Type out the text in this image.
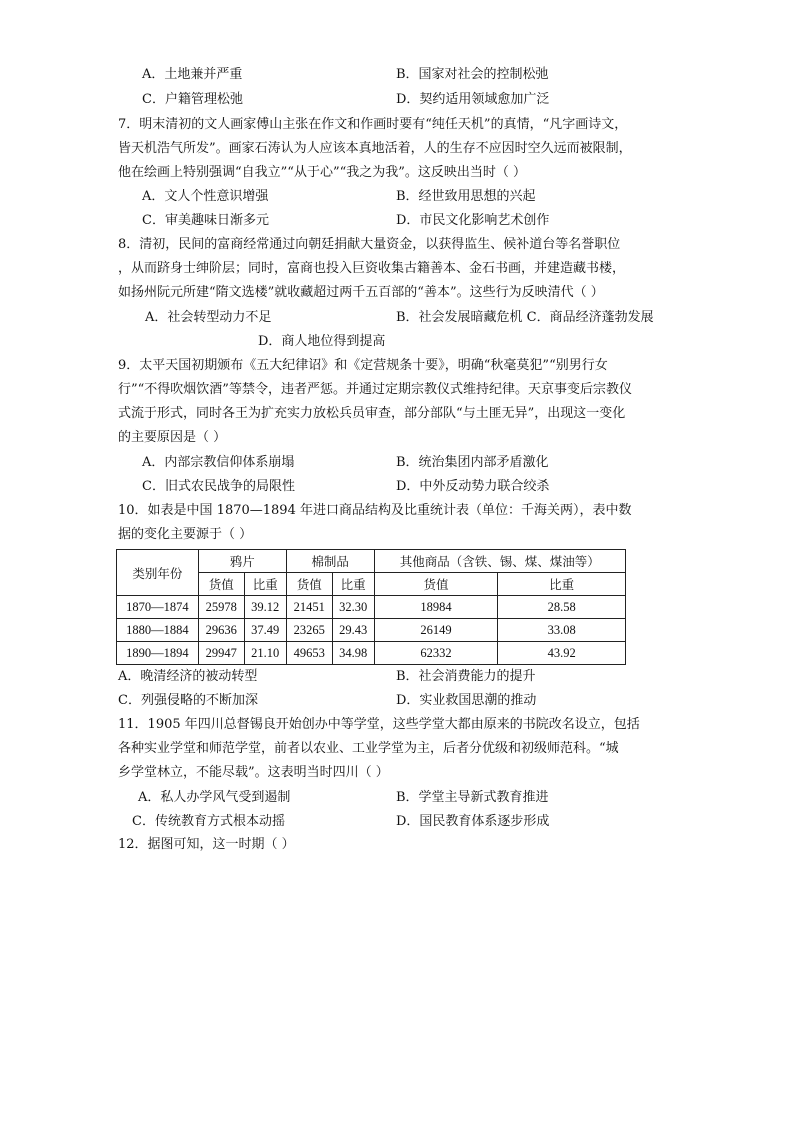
A．土地兼并严重	B．国家对社会的控制松弛
C．户籍管理松弛	D．契约适用领域愈加广泛
7．明末清初的文人画家傅山主张在作文和作画时要有“纯任天机”的真情，“凡字画诗文，
皆天机浩气所发”。画家石涛认为人应该本真地活着，人的生存不应因时空久远而被限制，
他在绘画上特别强调“自我立”“从于心”“我之为我”。这反映出当时（ ）
A．文人个性意识增强	B．经世致用思想的兴起
C．审美趣味日渐多元	D．市民文化影响艺术创作
8．清初，民间的富商经常通过向朝廷捐献大量资金，以获得监生、候补道台等名誉职位
，从而跻身士绅阶层；同时，富商也投入巨资收集古籍善本、金石书画，并建造藏书楼，
如扬州阮元所建“隋文选楼”就收藏超过两千五百部的“善本”。这些行为反映清代（ ）
A．社会转型动力不足	B．社会发展暗藏危机 C．商品经济蓬勃发展
D．商人地位得到提高
9．太平天国初期颁布《五大纪律诏》和《定营规条十要》，明确“秋毫莫犯”“别男行女
行”“不得吹烟饮酒”等禁令，违者严惩。并通过定期宗教仪式维持纪律。天京事变后宗教仪
式流于形式，同时各王为扩充实力放松兵员审查，部分部队“与土匪无异”，出现这一变化
的主要原因是（ ）
A．内部宗教信仰体系崩塌	B．统治集团内部矛盾激化
C．旧式农民战争的局限性	D．中外反动势力联合绞杀
10．如表是中国 1870—1894 年进口商品结构及比重统计表（单位：千海关两），表中数
据的变化主要源于（ ）
类别年份	鸦片		棉制品		其他商品（含铁、锡、煤、煤油等）	
	货值	比重	货值	比重	货值	比重
1870—1874	25978	39.12	21451	32.30	18984	28.58
1880—1884	29636	37.49	23265	29.43	26149	33.08
1890—1894	29947	21.10	49653	34.98	62332	43.92
A．晚清经济的被动转型	B．社会消费能力的提升
C．列强侵略的不断加深	D．实业救国思潮的推动
11．1905 年四川总督锡良开始创办中等学堂，这些学堂大都由原来的书院改名设立，包括
各种实业学堂和师范学堂，前者以农业、工业学堂为主，后者分优级和初级师范科。“城
乡学堂林立，不能尽载”。这表明当时四川（ ）
A．私人办学风气受到遏制	B．学堂主导新式教育推进
C．传统教育方式根本动摇	D．国民教育体系逐步形成
12．据图可知，这一时期（ ）
